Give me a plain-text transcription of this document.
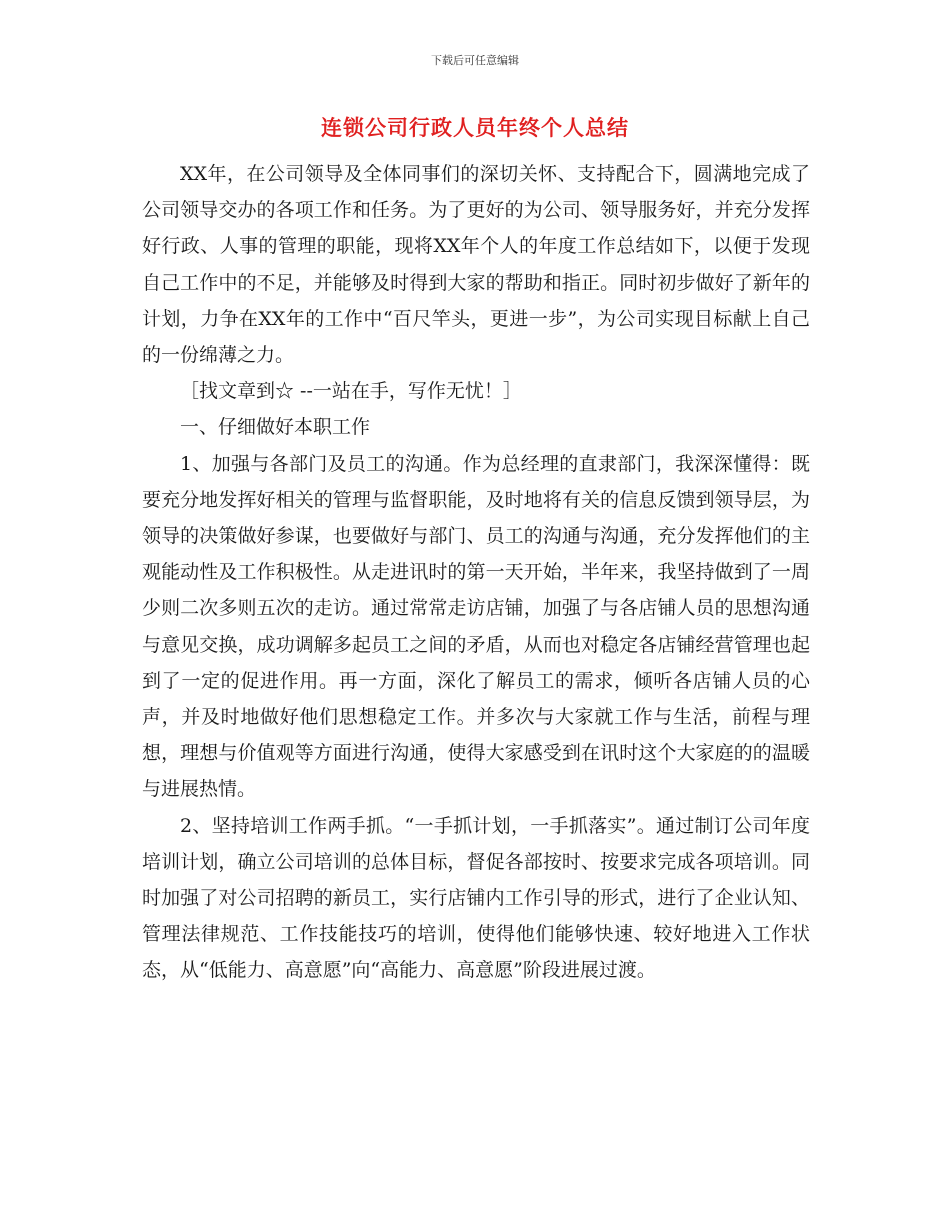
下载后可任意编辑
连锁公司行政人员年终个人总结

XX年，在公司领导及全体同事们的深切关怀、支持配合下，圆满地完成了公司领导交办的各项工作和任务。为了更好的为公司、领导服务好，并充分发挥好行政、人事的管理的职能，现将XX年个人的年度工作总结如下，以便于发现自己工作中的不足，并能够及时得到大家的帮助和指正。同时初步做好了新年的计划，力争在XX年的工作中“百尺竿头，更进一步”，为公司实现目标献上自己的一份绵薄之力。

［找文章到☆ --一站在手，写作无忧！］

一、仔细做好本职工作

1、加强与各部门及员工的沟通。作为总经理的直隶部门，我深深懂得：既要充分地发挥好相关的管理与监督职能，及时地将有关的信息反馈到领导层，为领导的决策做好参谋，也要做好与部门、员工的沟通与沟通，充分发挥他们的主观能动性及工作积极性。从走进讯时的第一天开始，半年来，我坚持做到了一周少则二次多则五次的走访。通过常常走访店铺，加强了与各店铺人员的思想沟通与意见交换，成功调解多起员工之间的矛盾，从而也对稳定各店铺经营管理也起到了一定的促进作用。再一方面，深化了解员工的需求，倾听各店铺人员的心声，并及时地做好他们思想稳定工作。并多次与大家就工作与生活，前程与理想，理想与价值观等方面进行沟通，使得大家感受到在讯时这个大家庭的的温暖与进展热情。

2、坚持培训工作两手抓。“一手抓计划，一手抓落实”。通过制订公司年度培训计划，确立公司培训的总体目标，督促各部按时、按要求完成各项培训。同时加强了对公司招聘的新员工，实行店铺内工作引导的形式，进行了企业认知、管理法律规范、工作技能技巧的培训，使得他们能够快速、较好地进入工作状态，从“低能力、高意愿”向“高能力、高意愿”阶段进展过渡。
